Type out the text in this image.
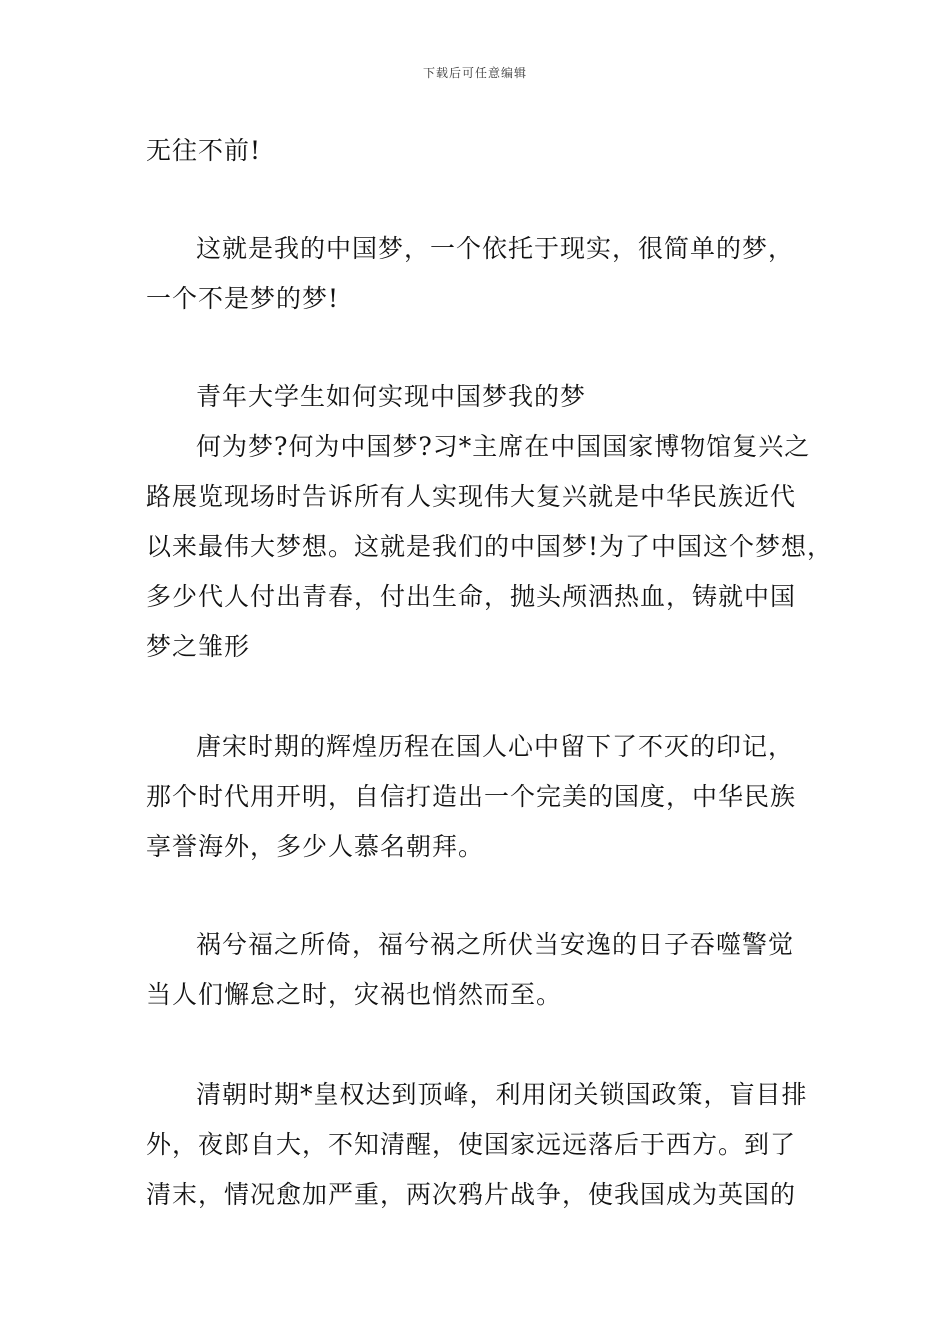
下载后可任意编辑
无往不前!
这就是我的中国梦，一个依托于现实，很简单的梦，
一个不是梦的梦!
青年大学生如何实现中国梦我的梦
何为梦?何为中国梦?习*主席在中国国家博物馆复兴之
路展览现场时告诉所有人实现伟大复兴就是中华民族近代
以来最伟大梦想。这就是我们的中国梦!为了中国这个梦想，
多少代人付出青春，付出生命，抛头颅洒热血，铸就中国
梦之雏形
唐宋时期的辉煌历程在国人心中留下了不灭的印记，
那个时代用开明，自信打造出一个完美的国度，中华民族
享誉海外，多少人慕名朝拜。
祸兮福之所倚，福兮祸之所伏当安逸的日子吞噬警觉
当人们懈怠之时，灾祸也悄然而至。
清朝时期*皇权达到顶峰，利用闭关锁国政策，盲目排
外，夜郎自大，不知清醒，使国家远远落后于西方。到了
清末，情况愈加严重，两次鸦片战争，使我国成为英国的
